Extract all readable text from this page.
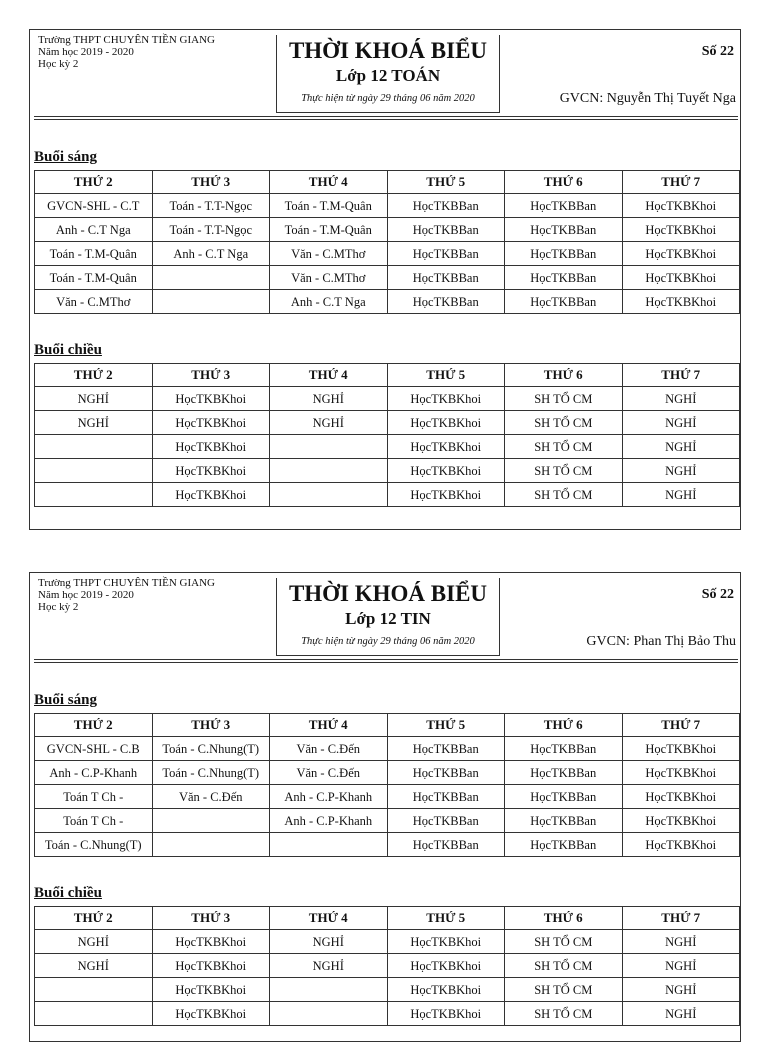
Trường THPT CHUYÊN TIỀN GIANG
Năm học 2019 - 2020
Học kỳ 2
THỜI KHOÁ BIỂU
Lớp 12 TOÁN
Thực hiện từ ngày 29 tháng 06 năm 2020
Số 22
GVCN: Nguyễn Thị Tuyết Nga
Buổi sáng
THỨ 2	THỨ 3	THỨ 4	THỨ 5	THỨ 6	THỨ 7
GVCN-SHL - C.T	Toán - T.T-Ngọc	Toán - T.M-Quân	HọcTKBBan	HọcTKBBan	HọcTKBKhoi
Anh - C.T Nga	Toán - T.T-Ngọc	Toán - T.M-Quân	HọcTKBBan	HọcTKBBan	HọcTKBKhoi
Toán - T.M-Quân	Anh - C.T Nga	Văn - C.MThơ	HọcTKBBan	HọcTKBBan	HọcTKBKhoi
Toán - T.M-Quân		Văn - C.MThơ	HọcTKBBan	HọcTKBBan	HọcTKBKhoi
Văn - C.MThơ		Anh - C.T Nga	HọcTKBBan	HọcTKBBan	HọcTKBKhoi
Buổi chiều
THỨ 2	THỨ 3	THỨ 4	THỨ 5	THỨ 6	THỨ 7
NGHỈ	HọcTKBKhoi	NGHỈ	HọcTKBKhoi	SH TỔ CM	NGHỈ
NGHỈ	HọcTKBKhoi	NGHỈ	HọcTKBKhoi	SH TỔ CM	NGHỈ
	HọcTKBKhoi		HọcTKBKhoi	SH TỔ CM	NGHỈ
	HọcTKBKhoi		HọcTKBKhoi	SH TỔ CM	NGHỈ
	HọcTKBKhoi		HọcTKBKhoi	SH TỔ CM	NGHỈ
Trường THPT CHUYÊN TIỀN GIANG
Năm học 2019 - 2020
Học kỳ 2
THỜI KHOÁ BIỂU
Lớp 12 TIN
Thực hiện từ ngày 29 tháng 06 năm 2020
Số 22
GVCN: Phan Thị Bảo Thu
Buổi sáng
THỨ 2	THỨ 3	THỨ 4	THỨ 5	THỨ 6	THỨ 7
GVCN-SHL - C.B	Toán - C.Nhung(T)	Văn - C.Đến	HọcTKBBan	HọcTKBBan	HọcTKBKhoi
Anh - C.P-Khanh	Toán - C.Nhung(T)	Văn - C.Đến	HọcTKBBan	HọcTKBBan	HọcTKBKhoi
Toán T Ch -	Văn - C.Đến	Anh - C.P-Khanh	HọcTKBBan	HọcTKBBan	HọcTKBKhoi
Toán T Ch -		Anh - C.P-Khanh	HọcTKBBan	HọcTKBBan	HọcTKBKhoi
Toán - C.Nhung(T)			HọcTKBBan	HọcTKBBan	HọcTKBKhoi
Buổi chiều
THỨ 2	THỨ 3	THỨ 4	THỨ 5	THỨ 6	THỨ 7
NGHỈ	HọcTKBKhoi	NGHỈ	HọcTKBKhoi	SH TỔ CM	NGHỈ
NGHỈ	HọcTKBKhoi	NGHỈ	HọcTKBKhoi	SH TỔ CM	NGHỈ
	HọcTKBKhoi		HọcTKBKhoi	SH TỔ CM	NGHỈ
	HọcTKBKhoi		HọcTKBKhoi	SH TỔ CM	NGHỈ
